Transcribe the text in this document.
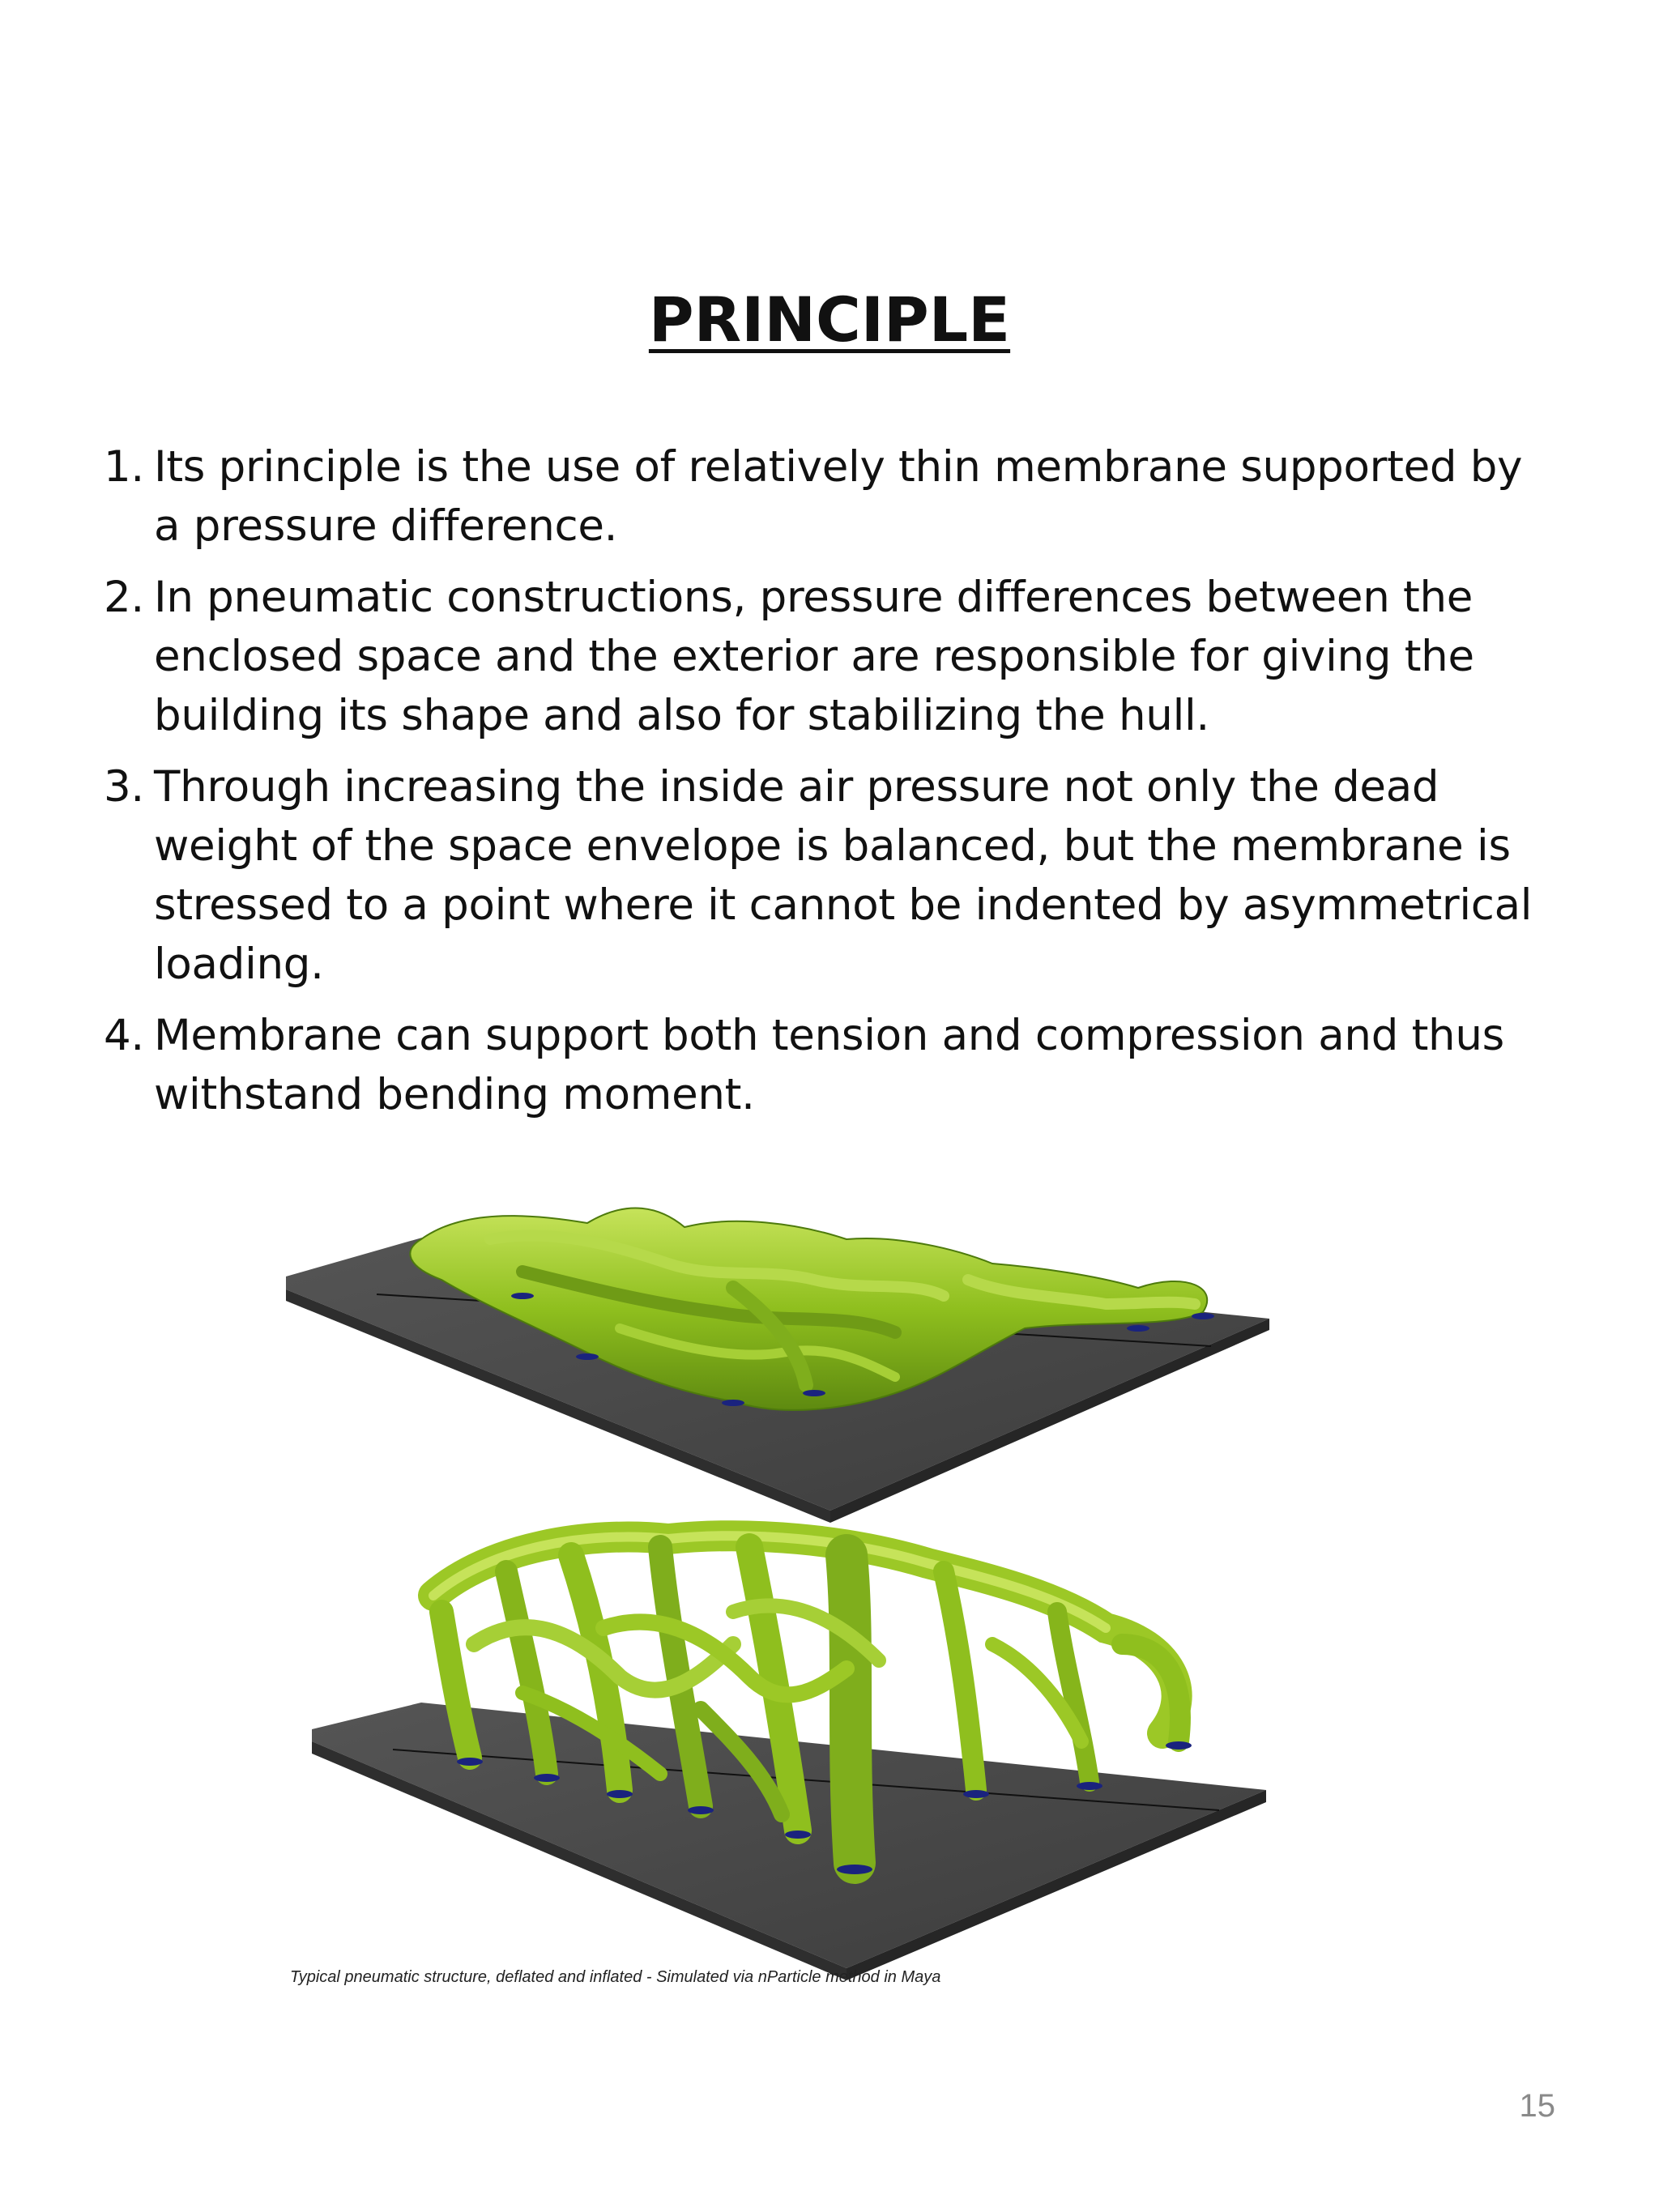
PRINCIPLE
1. Its principle is the use of relatively thin membrane supported by a pressure difference.
2. In pneumatic constructions, pressure differences between the enclosed space and the exterior are responsible for giving the building its shape and also for stabilizing the hull.
3. Through increasing the inside air pressure not only the dead weight of the space envelope is balanced, but the membrane is stressed to a point where it cannot be indented by asymmetrical loading.
4. Membrane can support both tension and compression and thus withstand bending moment.
Typical pneumatic structure, deflated and inflated - Simulated via nParticle method in Maya
15
